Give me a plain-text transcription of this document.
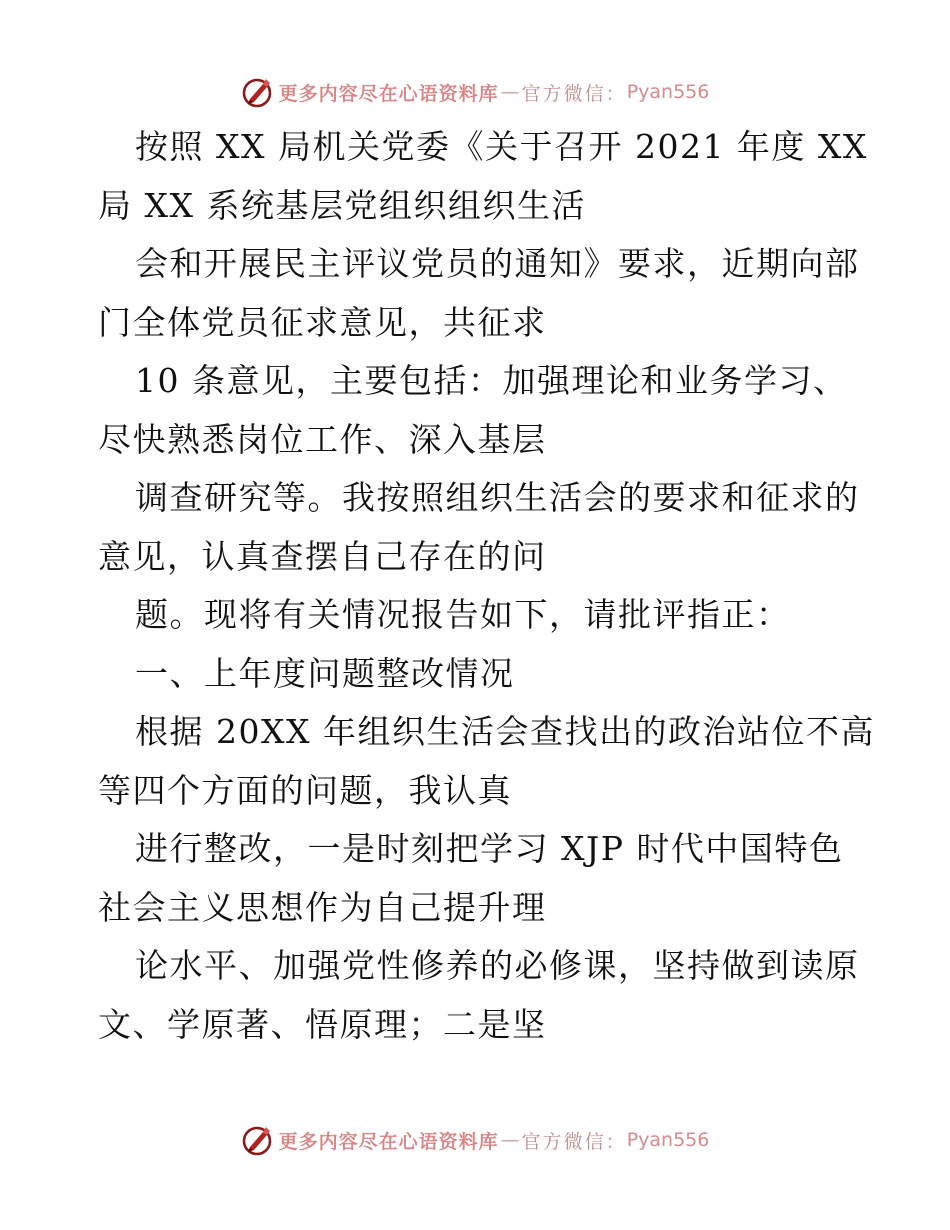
更多内容尽在心语资料库 — 官方微信： Pyan556

按照 XX 局机关党委《关于召开 2021 年度 XX

局 XX 系统基层党组织组织生活

会和开展民主评议党员的通知》要求，近期向部

门全体党员征求意见，共征求

10 条意见，主要包括：加强理论和业务学习、

尽快熟悉岗位工作、深入基层

调查研究等。我按照组织生活会的要求和征求的

意见，认真查摆自己存在的问

题。现将有关情况报告如下，请批评指正：

一、上年度问题整改情况

根据 20XX 年组织生活会查找出的政治站位不高

等四个方面的问题，我认真

进行整改，一是时刻把学习 XJP 时代中国特色

社会主义思想作为自己提升理

论水平、加强党性修养的必修课，坚持做到读原

文、学原著、悟原理；二是坚

更多内容尽在心语资料库 — 官方微信： Pyan556
